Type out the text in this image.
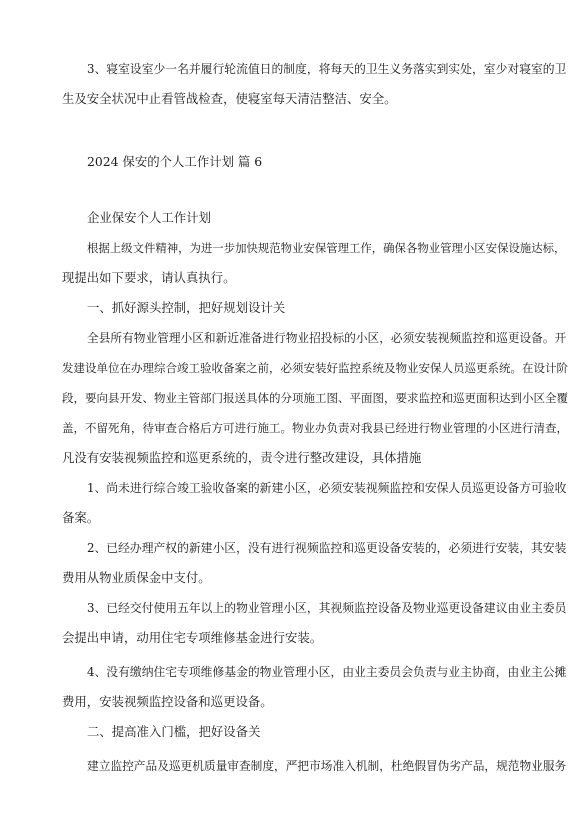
3、寝室设室少一名并履行轮流值日的制度，将每天的卫生义务落实到实处，室少对寝室的卫

生及安全状况中止看管战检查，使寝室每天清洁整洁、安全。

2024 保安的个人工作计划 篇 6

企业保安个人工作计划

根据上级文件精神，为进一步加快规范物业安保管理工作，确保各物业管理小区安保设施达标，

现提出如下要求，请认真执行。

一、抓好源头控制，把好规划设计关

全县所有物业管理小区和新近准备进行物业招投标的小区，必须安装视频监控和巡更设备。开

发建设单位在办理综合竣工验收备案之前，必须安装好监控系统及物业安保人员巡更系统。在设计阶

段，要向县开发、物业主管部门报送具体的分项施工图、平面图，要求监控和巡更面积达到小区全覆

盖，不留死角，待审查合格后方可进行施工。物业办负责对我县已经进行物业管理的小区进行清查，

凡没有安装视频监控和巡更系统的，责令进行整改建设，具体措施

1、尚未进行综合竣工验收备案的新建小区，必须安装视频监控和安保人员巡更设备方可验收

备案。

2、已经办理产权的新建小区，没有进行视频监控和巡更设备安装的，必须进行安装，其安装

费用从物业质保金中支付。

3、已经交付使用五年以上的物业管理小区，其视频监控设备及物业巡更设备建议由业主委员

会提出申请，动用住宅专项维修基金进行安装。

4、没有缴纳住宅专项维修基金的物业管理小区，由业主委员会负责与业主协商，由业主公摊

费用，安装视频监控设备和巡更设备。

二、提高准入门槛，把好设备关

建立监控产品及巡更机质量审查制度，严把市场准入机制，杜绝假冒伪劣产品，规范物业服务
